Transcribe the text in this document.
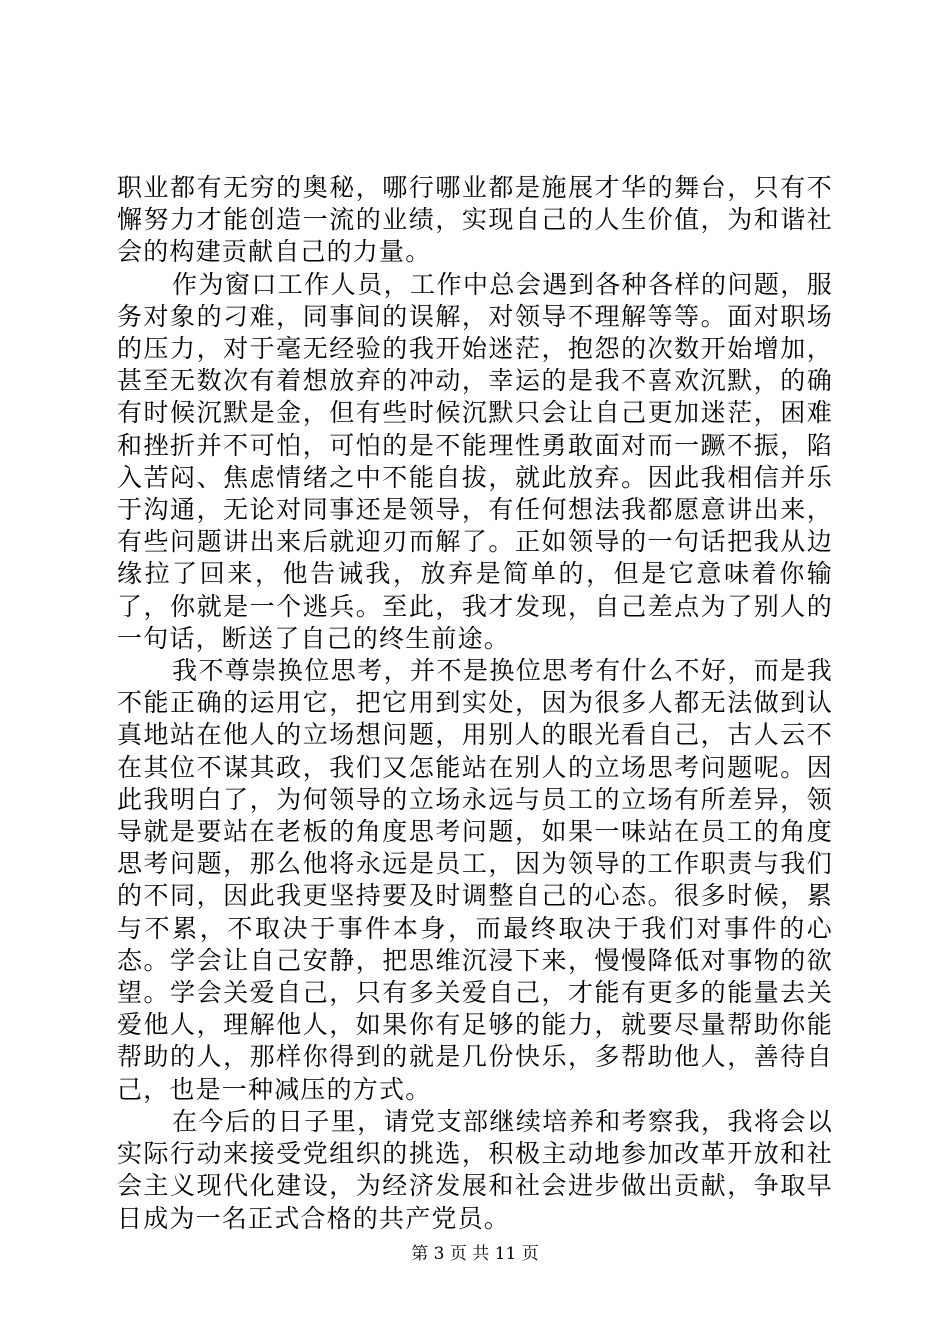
职业都有无穷的奥秘，哪行哪业都是施展才华的舞台，只有不懈努力才能创造一流的业绩，实现自己的人生价值，为和谐社会的构建贡献自己的力量。

作为窗口工作人员，工作中总会遇到各种各样的问题，服务对象的刁难，同事间的误解，对领导不理解等等。面对职场的压力，对于毫无经验的我开始迷茫，抱怨的次数开始增加，甚至无数次有着想放弃的冲动，幸运的是我不喜欢沉默，的确有时候沉默是金，但有些时候沉默只会让自己更加迷茫，困难和挫折并不可怕，可怕的是不能理性勇敢面对而一蹶不振，陷入苦闷、焦虑情绪之中不能自拔，就此放弃。因此我相信并乐于沟通，无论对同事还是领导，有任何想法我都愿意讲出来，有些问题讲出来后就迎刃而解了。正如领导的一句话把我从边缘拉了回来，他告诫我，放弃是简单的，但是它意味着你输了，你就是一个逃兵。至此，我才发现，自己差点为了别人的一句话，断送了自己的终生前途。

我不尊崇换位思考，并不是换位思考有什么不好，而是我不能正确的运用它，把它用到实处，因为很多人都无法做到认真地站在他人的立场想问题，用别人的眼光看自己，古人云不在其位不谋其政，我们又怎能站在别人的立场思考问题呢。因此我明白了，为何领导的立场永远与员工的立场有所差异，领导就是要站在老板的角度思考问题，如果一味站在员工的角度思考问题，那么他将永远是员工，因为领导的工作职责与我们的不同，因此我更坚持要及时调整自己的心态。很多时候，累与不累，不取决于事件本身，而最终取决于我们对事件的心态。学会让自己安静，把思维沉浸下来，慢慢降低对事物的欲望。学会关爱自己，只有多关爱自己，才能有更多的能量去关爱他人，理解他人，如果你有足够的能力，就要尽量帮助你能帮助的人，那样你得到的就是几份快乐，多帮助他人，善待自己，也是一种减压的方式。

在今后的日子里，请党支部继续培养和考察我，我将会以实际行动来接受党组织的挑选，积极主动地参加改革开放和社会主义现代化建设，为经济发展和社会进步做出贡献，争取早日成为一名正式合格的共产党员。

第 3 页 共 11 页
